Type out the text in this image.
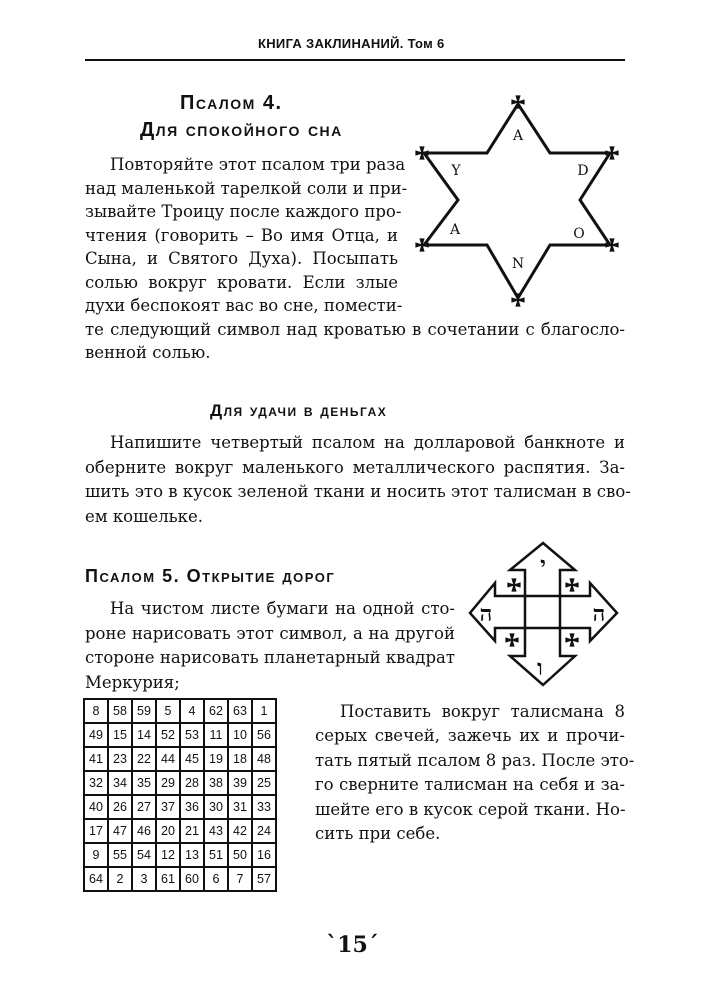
КНИГА ЗАКЛИНАНИЙ. Том 6
Псалом 4.
Для спокойного сна
Повторяйте этот псалом три раза
над маленькой тарелкой соли и при-
зывайте Троицу после каждого про-
чтения (говорить – Во имя Отца, и
Сына, и Святого Духа). Посыпать
солью вокруг кровати. Если злые
духи беспокоят вас во сне, помести-
те следующий символ над кроватью в сочетании с благосло-
венной солью.
A
Y	D
A	O
N
י
ה	ה
ו
Для удачи в деньгах
Напишите четвертый псалом на долларовой банкноте и
оберните вокруг маленького металлического распятия. За-
шить это в кусок зеленой ткани и носить этот талисман в сво-
ем кошельке.
Псалом 5. Открытие дорог
На чистом листе бумаги на одной сто-
роне нарисовать этот символ, а на другой
стороне нарисовать планетарный квадрат
Меркурия;
8	58	59	5	4	62	63	1
49	15	14	52	53	11	10	56
41	23	22	44	45	19	18	48
32	34	35	29	28	38	39	25
40	26	27	37	36	30	31	33
17	47	46	20	21	43	42	24
9	55	54	12	13	51	50	16
64	2	3	61	60	6	7	57
Поставить вокруг талисмана 8
серых свечей, зажечь их и прочи-
тать пятый псалом 8 раз. После это-
го сверните талисман на себя и за-
шейте его в кусок серой ткани. Но-
сить при себе.
`15´
